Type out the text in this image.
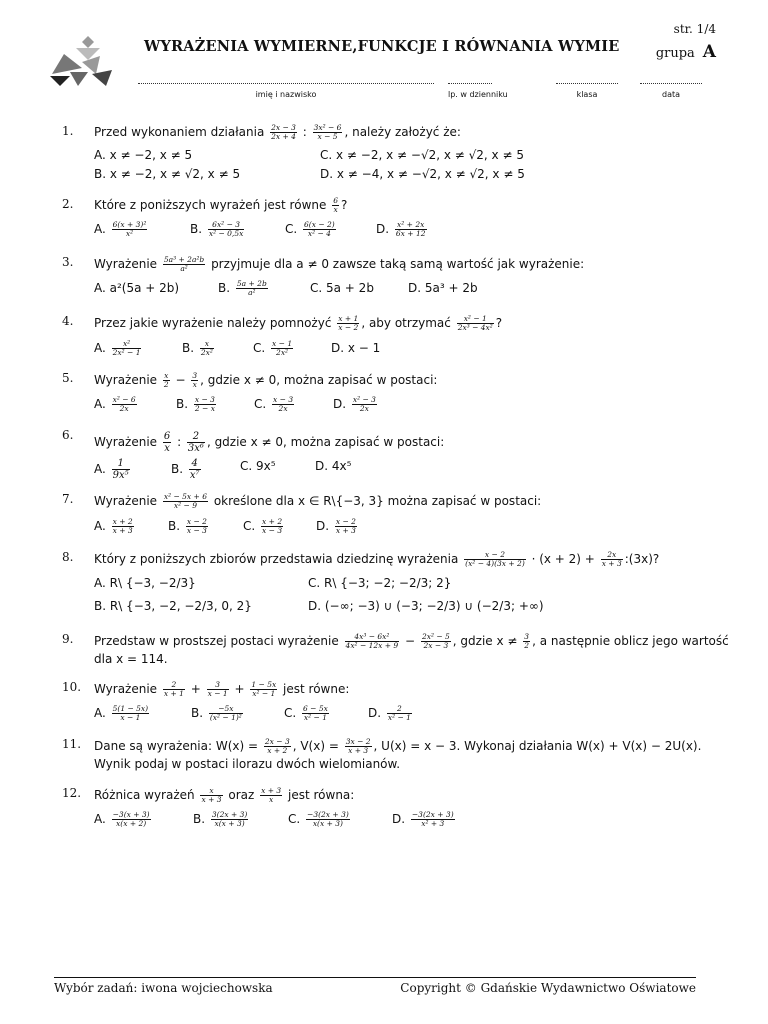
WYRAŻENIA WYMIERNE,FUNKCJE I RÓWNANIA WYMIE
str. 1/4
grupa A
imię i nazwisko	lp. w dzienniku	klasa	data
1. Przed wykonaniem działania $\frac{2x - 3}{2x + 4}$ : $\frac{\text{3x² − 6}}{x - 5}$ , należy założyć że:
A. x ≠ −2, x ≠ 5
B. x ≠ −2, x ≠ √2, x ≠ 5
C. x ≠ −2, x ≠ −√2, x ≠ √2, x ≠ 5
D. x ≠ −4, x ≠ −√2, x ≠ √2, x ≠ 5
2. Które z poniższych wyrażeń jest równe $\frac{6}{x}$ ?
A. $\frac{\text{6(x + 3)²}}{\text{x²}}$	B. $\frac{\text{6x² − 3}}{\text{x² − 0,5x}}$	C. $\frac{6(x - 2)}{\text{x² − 4}}$	D. $\frac{\text{x² + 2x}}{6x + 12}$
3. Wyrażenie $\frac{\text{5a³ + 2a²b}}{\text{a²}}$ przyjmuje dla a ≠ 0 zawsze taką samą wartość jak wyrażenie:
A. a²(5a + 2b)	B. $\frac{5a + 2b}{\text{a²}}$	C. 5a + 2b	D. 5a³ + 2b
4. Przez jakie wyrażenie należy pomnożyć $\frac{x + 1}{x - 2}$ , aby otrzymać $\frac{\text{x² − 1}}{\text{2x³ − 4x²}}$ ?
A. $\frac{\text{x²}}{\text{2x² − 1}}$	B. $\frac{x}{\text{2x²}}$	C. $\frac{x - 1}{\text{2x²}}$	D. x − 1
5. Wyrażenie $\frac{x}{2} - \frac{3}{x}$ , gdzie x ≠ 0, można zapisać w postaci:
A. $\frac{\text{x² − 6}}{2x}$	B. $\frac{x - 3}{2 - x}$	C. $\frac{x - 3}{2x}$	D. $\frac{\text{x² − 3}}{2x}$
6. Wyrażenie $\frac{6}{x}$ : $\frac{2}{\text{3x⁶}}$ , gdzie x ≠ 0, można zapisać w postaci:
A. $\frac{1}{\text{9x⁵}}$	B. $\frac{4}{\text{x⁷}}$	C. 9x⁵	D. 4x⁵
7. Wyrażenie $\frac{\text{x² − 5x + 6}}{\text{x² − 9}}$ określone dla x ∈ R\{−3, 3} można zapisać w postaci:
A. $\frac{x + 2}{x + 3}$	B. $\frac{x - 2}{x - 3}$	C. $\frac{x + 2}{x - 3}$	D. $\frac{x - 2}{x + 3}$
8. Który z poniższych zbiorów przedstawia dziedzinę wyrażenia $\frac{x - 2}{\text{(x² − 4)(3x + 2)}} \cdot (x + 2) + \frac{2x}{x + 3}$ :(3x)?
A. R\ {−3, −2/3}
B. R\ {−3, −2, −2/3, 0, 2}
C. R\ {−3; −2; −2/3; 2}
D. (−∞; −3) ∪ (−3; −2/3) ∪ (−2/3; +∞)
9. Przedstaw w prostszej postaci wyrażenie $\frac{\text{4x³ − 6x²}}{\text{4x² − 12x + 9}} - \frac{\text{2x² − 5}}{2x - 3}$ , gdzie $x \ne \frac{3}{2}$ , a następnie oblicz jego wartość
dla x = 114.
10. Wyrażenie $\frac{2}{x + 1} + \frac{3}{x - 1} + \frac{1 - 5x}{\text{x² − 1}}$ jest równe:
A. $\frac{5(1 - 5x)}{x - 1}$	B. $\frac{-5x}{\text{(x² − 1)²}}$	C. $\frac{6 - 5x}{\text{x² − 1}}$	D. $\frac{2}{\text{x² − 1}}$
11. Dane są wyrażenia: $W(x) = \frac{2x - 3}{x + 2}$ , $V(x) = \frac{3x - 2}{x + 3}$ , U(x) = x − 3. Wykonaj działania W(x) + V(x) − 2U(x).
Wynik podaj w postaci ilorazu dwóch wielomianów.
12. Różnica wyrażeń $\frac{x}{x + 3}$ oraz $\frac{x + 3}{x}$ jest równa:
A. $\frac{-3(x + 3)}{x(x + 2)}$	B. $\frac{3(2x + 3)}{x(x + 3)}$	C. $\frac{-3(2x + 3)}{x(x + 3)}$	D. $\frac{-3(2x + 3)}{\text{x² + 3}}$
Wybór zadań: iwona wojciechowska	Copyright © Gdańskie Wydawnictwo Oświatowe
